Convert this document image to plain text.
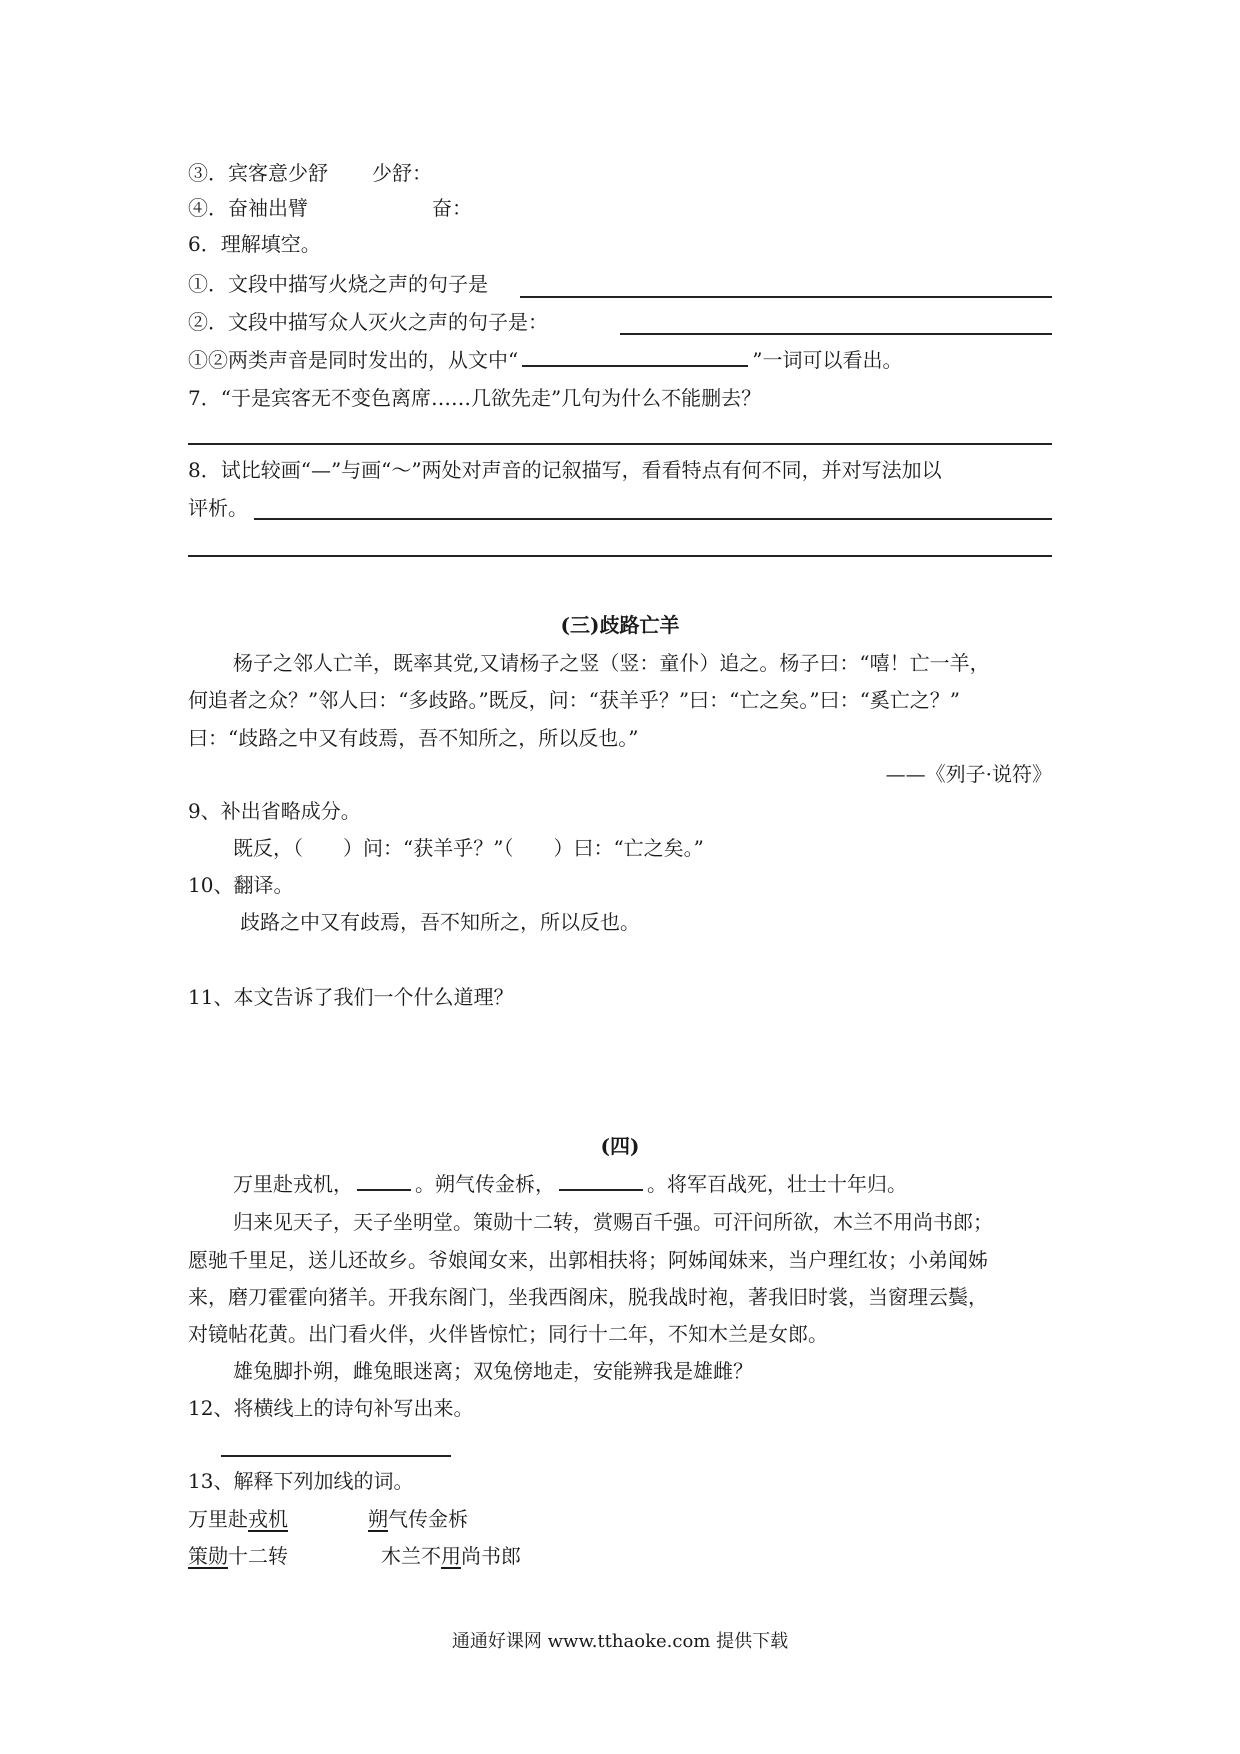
③．宾客意少舒 少舒：
④．奋袖出臂	奋：
6．理解填空。
①．文段中描写火烧之声的句子是
②．文段中描写众人灭火之声的句子是：
①②两类声音是同时发出的，从文中“	”一词可以看出。
7．“于是宾客无不变色离席……几欲先走”几句为什么不能删去？
8．试比较画“—”与画“～”两处对声音的记叙描写，看看特点有何不同，并对写法加以
评析。
(三)歧路亡羊
杨子之邻人亡羊，既率其党,又请杨子之竖（竖：童仆）追之。杨子曰：“嘻！亡一羊，
何追者之众？”邻人曰：“多歧路。”既反，问：“获羊乎？”曰：“亡之矣。”曰：“奚亡之？”
曰：“歧路之中又有歧焉，吾不知所之，所以反也。”
——《列子·说符》
9、补出省略成分。
既反，（　　）问：“获羊乎？”（　　）曰：“亡之矣。”
10、翻译。
歧路之中又有歧焉，吾不知所之，所以反也。
11、本文告诉了我们一个什么道理？
(四)
万里赴戎机，	。朔气传金柝，	。将军百战死，壮士十年归。
归来见天子，天子坐明堂。策勋十二转，赏赐百千强。可汗问所欲，木兰不用尚书郎；
愿驰千里足，送儿还故乡。爷娘闻女来，出郭相扶将；阿姊闻妹来，当户理红妆；小弟闻姊
来，磨刀霍霍向猪羊。开我东阁门，坐我西阁床，脱我战时袍，著我旧时裳，当窗理云鬓，
对镜帖花黄。出门看火伴，火伴皆惊忙；同行十二年，不知木兰是女郎。
雄兔脚扑朔，雌兔眼迷离；双兔傍地走，安能辨我是雄雌？
12、将横线上的诗句补写出来。
13、解释下列加线的词。
万里赴戎机	朔气传金柝
策勋十二转	木兰不用尚书郎
通通好课网 www.tthaoke.com 提供下载
